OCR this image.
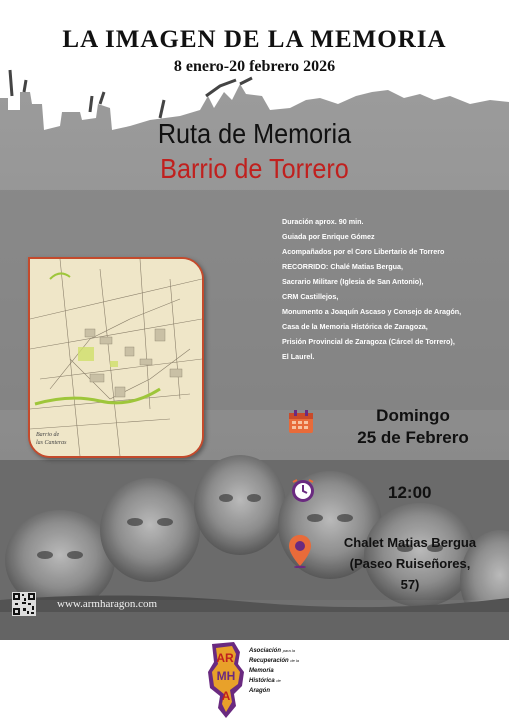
LA IMAGEN DE LA MEMORIA
8 enero-20 febrero 2026
Ruta de Memoria
Barrio de Torrero
Duración aprox. 90 min.
Guiada por Enrique Gómez
Acompañados por el Coro Libertario de Torrero
RECORRIDO: Chalé Matias Bergua,
Sacrario Militare (Iglesia de San Antonio),
CRM Castillejos,
Monumento a Joaquín Ascaso y Consejo de Aragón,
Casa de la Memoria Histórica de Zaragoza,
Prisión Provincial de Zaragoza (Cárcel de Torrero),
El Laurel.
Barrio de
las Canteras
Domingo
25 de Febrero
12:00
Chalet Matias Bergua
(Paseo Ruiseñores, 57)
www.armharagon.com
AR
MH
A
Asociación para la
Recuperación de la
Memoria
Histórica de
Aragón
